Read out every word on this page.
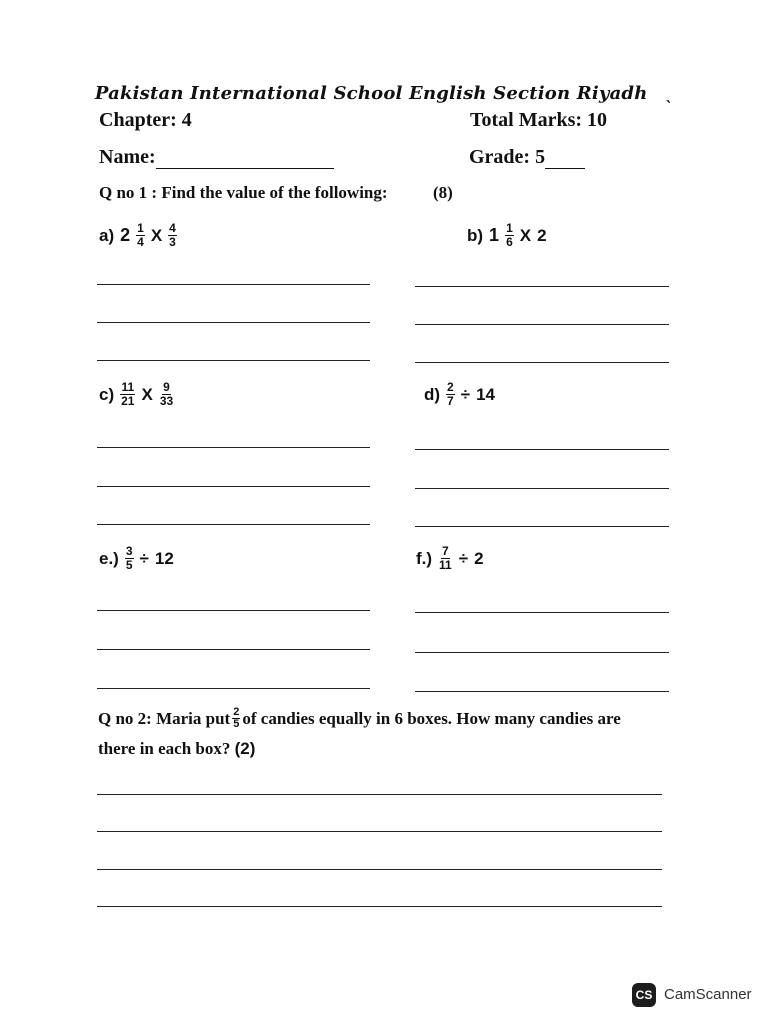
Pakistan International School English Section Riyadh   ˎ
Chapter: 4	Total Marks: 10
Name:	Grade: 5
Q no 1 : Find the value of the following:	(8)
a) $2 \frac{1}{4}$ X $\frac{4}{3}$	b) $1 \frac{1}{6}$ X 2
$c) \frac{11}{21}$ X $\frac{9}{33}$	$d) \frac{2}{7} \div 14$
$e.) \frac{3}{5} \div 12$	$f.) \frac{7}{11} \div 2$
Q no 2: Maria put $\frac{2}{5}$ of candies equally in 6 boxes. How many candies are
there in each box? (2)
CS CamScanner
